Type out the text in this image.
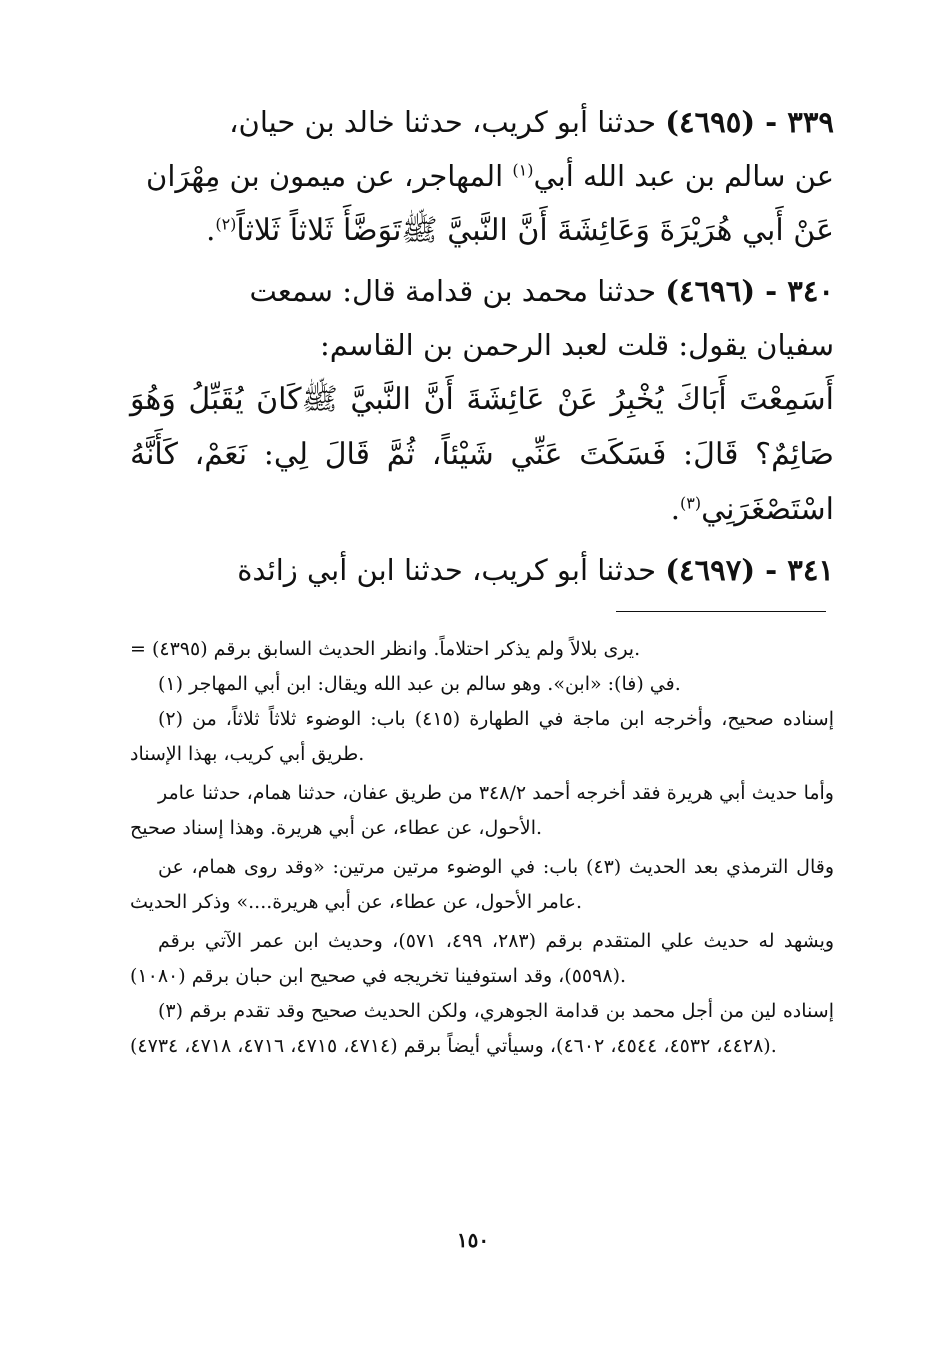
٣٣٩ - (٤٦٩٥) حدثنا أبو كريب، حدثنا خالد بن حيان،
عن سالم بن عبد الله أبي$^{(١)}$ المهاجر، عن ميمون بن مِهْرَان
عَنْ أَبي هُرَيْرَةَ وَعَائِشَةَ أَنَّ النَّبيَّ ﷺتَوَضَّأَ ثَلاثاً ثَلاثاً$^{(٢)}$.

٣٤٠ - (٤٦٩٦) حدثنا محمد بن قدامة قال: سمعت
سفيان يقول: قلت لعبد الرحمن بن القاسم:
أَسَمِعْتَ أَبَاكَ يُخْبِرُ عَنْ عَائِشَةَ أَنَّ النَّبيَّ ﷺكَانَ يُقَبِّلُ وَهُوَ صَائِمٌ؟ قَالَ: فَسَكَتَ عَنِّي شَيْئاً، ثُمَّ قَالَ لِي: نَعَمْ، كَأَنَّهُ اسْتَصْغَرَنِي$^{(٣)}$.

٣٤١ - (٤٦٩٧) حدثنا أبو كريب، حدثنا ابن أبي زائدة

= يرى بلالاً ولم يذكر احتلاماً. وانظر الحديث السابق برقم (٤٣٩٥).

(١) في (فا): «ابن». وهو سالم بن عبد الله ويقال: ابن أبي المهاجر.

(٢) إسناده صحيح، وأخرجه ابن ماجة في الطهارة (٤١٥) باب: الوضوء ثلاثاً ثلاثاً، من طريق أبي كريب، بهذا الإسناد.

وأما حديث أبي هريرة فقد أخرجه أحمد ٣٤٨/٢ من طريق عفان، حدثنا همام، حدثنا عامر الأحول، عن عطاء، عن أبي هريرة. وهذا إسناد صحيح.

وقال الترمذي بعد الحديث (٤٣) باب: في الوضوء مرتين مرتين: «وقد روى همام، عن عامر الأحول، عن عطاء، عن أبي هريرة....» وذكر الحديث.

ويشهد له حديث علي المتقدم برقم (٢٨٣، ٤٩٩، ٥٧١)، وحديث ابن عمر الآتي برقم (٥٥٩٨)، وقد استوفينا تخريجه في صحيح ابن حبان برقم (١٠٨٠).

(٣) إسناده لين من أجل محمد بن قدامة الجوهري، ولكن الحديث صحيح وقد تقدم برقم (٤٤٢٨، ٤٥٣٢، ٤٥٤٤، ٤٦٠٢)، وسيأتي أيضاً برقم (٤٧١٤، ٤٧١٥، ٤٧١٦، ٤٧١٨، ٤٧٣٤).

١٥٠
